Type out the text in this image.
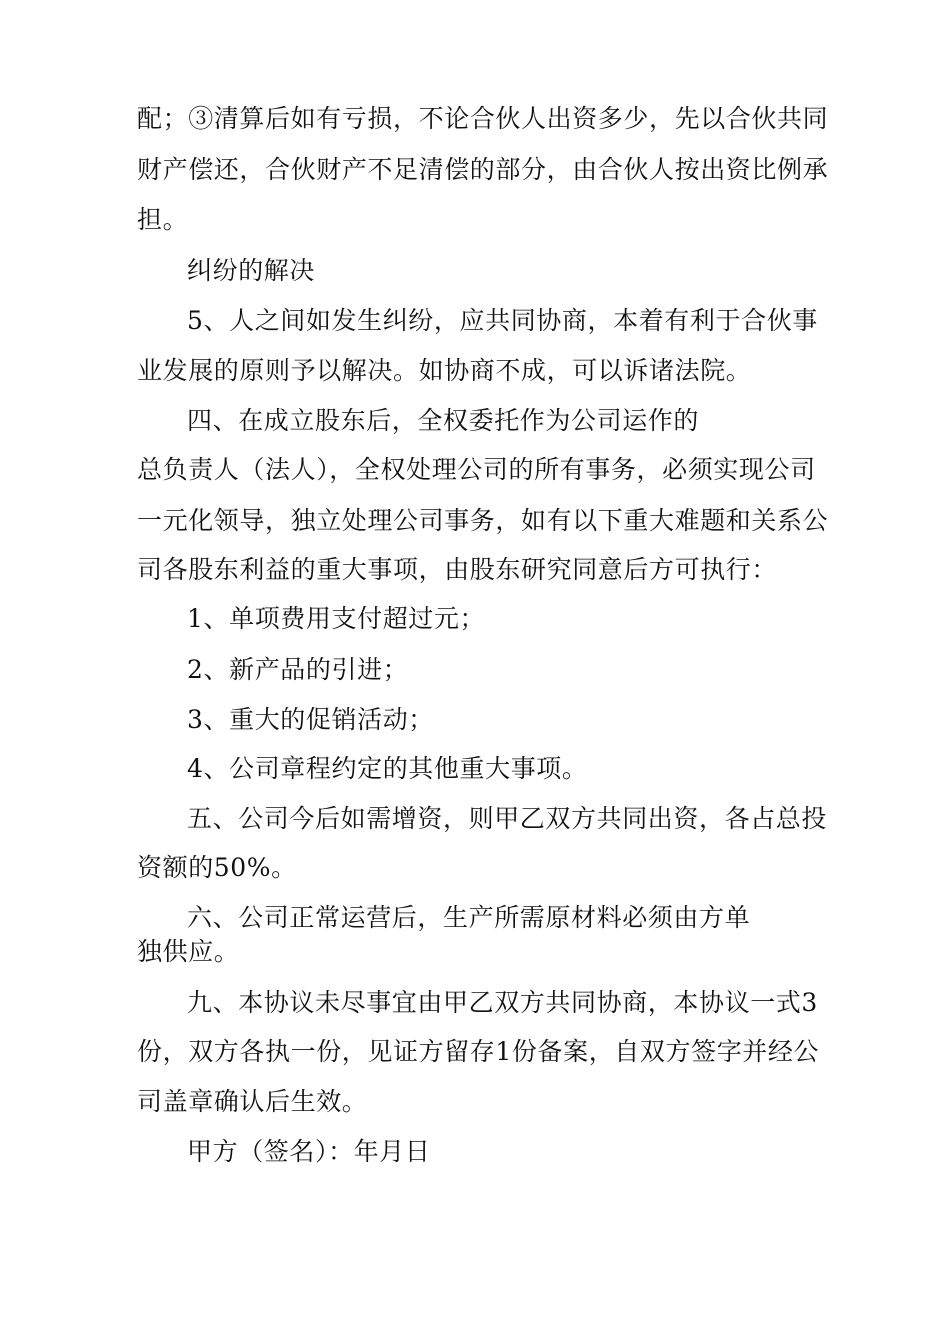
配；③清算后如有亏损，不论合伙人出资多少，先以合伙共同
财产偿还，合伙财产不足清偿的部分，由合伙人按出资比例承
担。
纠纷的解决
5、人之间如发生纠纷，应共同协商，本着有利于合伙事
业发展的原则予以解决。如协商不成，可以诉诸法院。
四、在成立股东后，全权委托作为公司运作的
总负责人（法人），全权处理公司的所有事务，必须实现公司
一元化领导，独立处理公司事务，如有以下重大难题和关系公
司各股东利益的重大事项，由股东研究同意后方可执行：
1、单项费用支付超过元；
2、新产品的引进；
3、重大的促销活动；
4、公司章程约定的其他重大事项。
五、公司今后如需增资，则甲乙双方共同出资，各占总投
资额的50%。
六、公司正常运营后，生产所需原材料必须由方单
独供应。
九、本协议未尽事宜由甲乙双方共同协商，本协议一式3
份，双方各执一份，见证方留存1份备案，自双方签字并经公
司盖章确认后生效。
甲方（签名）：年月日
